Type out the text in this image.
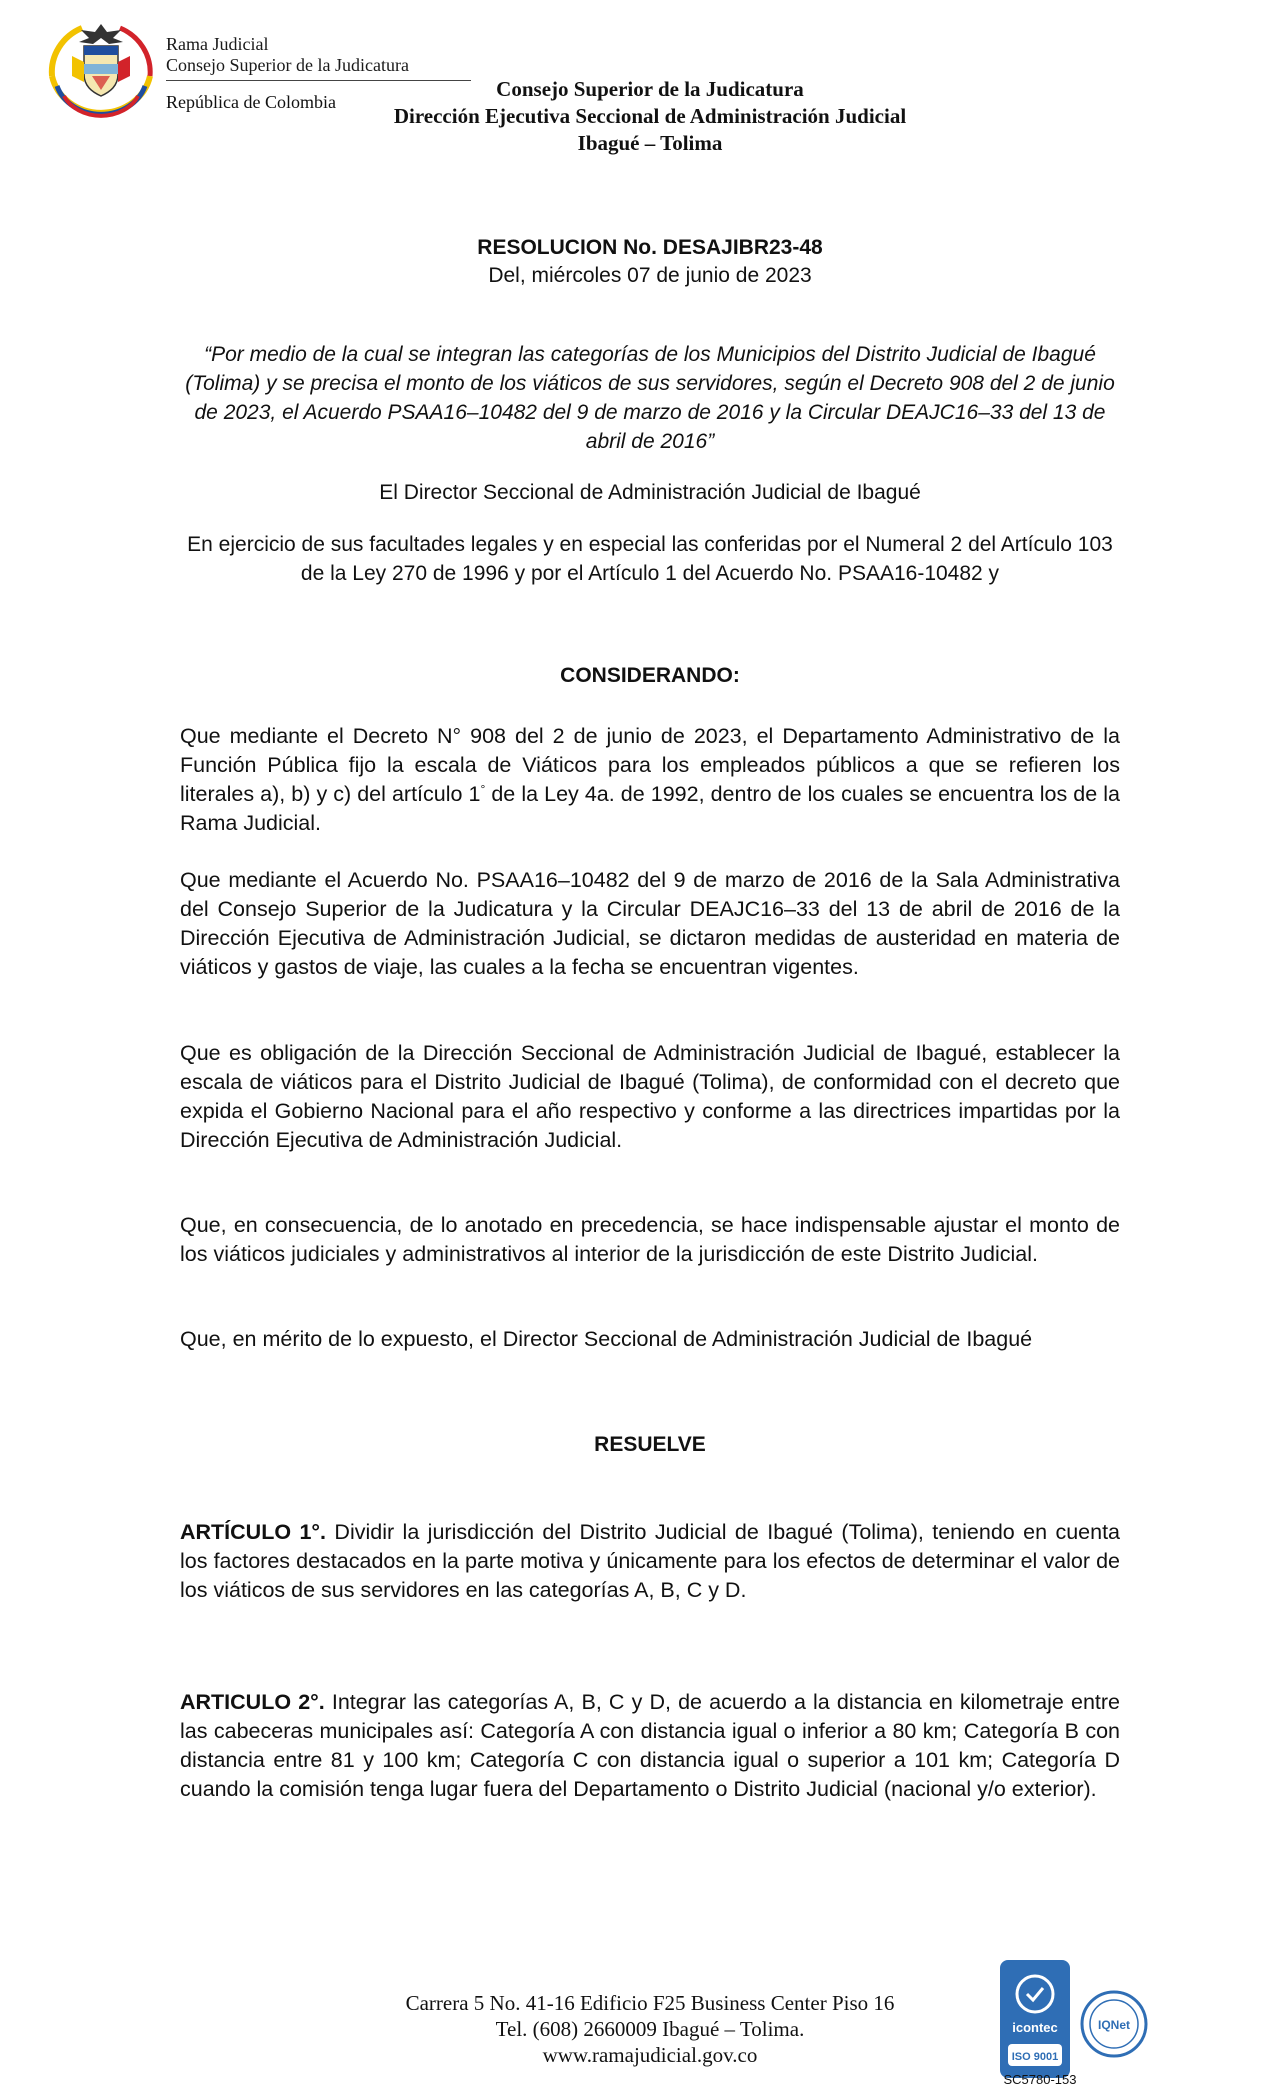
Rama Judicial
Consejo Superior de la Judicatura
República de Colombia
Consejo Superior de la Judicatura
Dirección Ejecutiva Seccional de Administración Judicial
Ibagué – Tolima
RESOLUCION No. DESAJIBR23-48
Del, miércoles 07 de junio de 2023
“Por medio de la cual se integran las categorías de los Municipios del Distrito Judicial de Ibagué (Tolima) y se precisa el monto de los viáticos de sus servidores, según el Decreto 908 del 2 de junio de 2023, el Acuerdo PSAA16–10482 del 9 de marzo de 2016 y la Circular DEAJC16–33 del 13 de abril de 2016”
El Director Seccional de Administración Judicial de Ibagué
En ejercicio de sus facultades legales y en especial las conferidas por el Numeral 2 del Artículo 103 de la Ley 270 de 1996 y por el Artículo 1 del Acuerdo No. PSAA16-10482 y
CONSIDERANDO:
Que mediante el Decreto N° 908 del 2 de junio de 2023, el Departamento Administrativo de la Función Pública fijo la escala de Viáticos para los empleados públicos a que se refieren los literales a), b) y c) del artículo 1° de la Ley 4a. de 1992, dentro de los cuales se encuentra los de la Rama Judicial.
Que mediante el Acuerdo No. PSAA16–10482 del 9 de marzo de 2016 de la Sala Administrativa del Consejo Superior de la Judicatura y la Circular DEAJC16–33 del 13 de abril de 2016 de la Dirección Ejecutiva de Administración Judicial, se dictaron medidas de austeridad en materia de viáticos y gastos de viaje, las cuales a la fecha se encuentran vigentes.
Que es obligación de la Dirección Seccional de Administración Judicial de Ibagué, establecer la escala de viáticos para el Distrito Judicial de Ibagué (Tolima), de conformidad con el decreto que expida el Gobierno Nacional para el año respectivo y conforme a las directrices impartidas por la Dirección Ejecutiva de Administración Judicial.
Que, en consecuencia, de lo anotado en precedencia, se hace indispensable ajustar el monto de los viáticos judiciales y administrativos al interior de la jurisdicción de este Distrito Judicial.
Que, en mérito de lo expuesto, el Director Seccional de Administración Judicial de Ibagué
RESUELVE
ARTÍCULO 1°. Dividir la jurisdicción del Distrito Judicial de Ibagué (Tolima), teniendo en cuenta los factores destacados en la parte motiva y únicamente para los efectos de determinar el valor de los viáticos de sus servidores en las categorías A, B, C y D.
ARTICULO 2°. Integrar las categorías A, B, C y D, de acuerdo a la distancia en kilometraje entre las cabeceras municipales así: Categoría A con distancia igual o inferior a 80 km; Categoría B con distancia entre 81 y 100 km; Categoría C con distancia igual o superior a 101 km; Categoría D cuando la comisión tenga lugar fuera del Departamento o Distrito Judicial (nacional y/o exterior).
Carrera 5 No. 41-16 Edificio F25 Business Center Piso 16
Tel. (608) 2660009 Ibagué – Tolima.
www.ramajudicial.gov.co
icontec
ISO 9001
IQNet
SC5780-153
